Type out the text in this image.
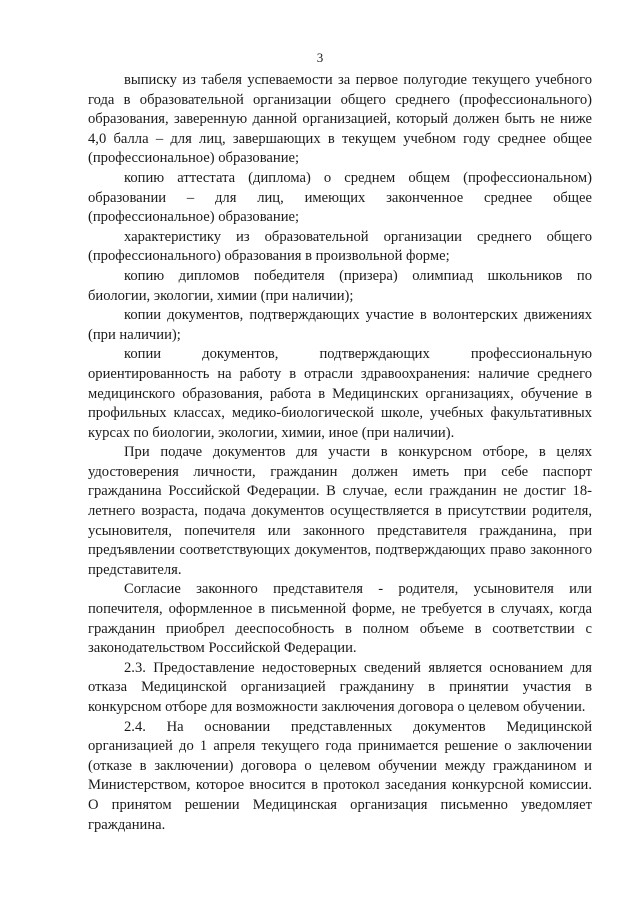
3

выписку из табеля успеваемости за первое полугодие текущего учебного года в образовательной организации общего среднего (профессионального) образования, заверенную данной организацией, который должен быть не ниже 4,0 балла – для лиц, завершающих в текущем учебном году среднее общее (профессиональное) образование;

копию аттестата (диплома) о среднем общем (профессиональном) образовании – для лиц, имеющих законченное среднее общее (профессиональное) образование;

характеристику из образовательной организации среднего общего (профессионального) образования в произвольной форме;

копию дипломов победителя (призера) олимпиад школьников по биологии, экологии, химии (при наличии);

копии документов, подтверждающих участие в волонтерских движениях (при наличии);

копии документов, подтверждающих профессиональную ориентированность на работу в отрасли здравоохранения: наличие среднего медицинского образования, работа в Медицинских организациях, обучение в профильных классах, медико-биологической школе, учебных факультативных курсах по биологии, экологии, химии, иное (при наличии).

При подаче документов для участи в конкурсном отборе, в целях удостоверения личности, гражданин должен иметь при себе паспорт гражданина Российской Федерации. В случае, если гражданин не достиг 18-летнего возраста, подача документов осуществляется в присутствии родителя, усыновителя, попечителя или законного представителя гражданина, при предъявлении соответствующих документов, подтверждающих право законного представителя.

Согласие законного представителя - родителя, усыновителя или попечителя, оформленное в письменной форме, не требуется в случаях, когда гражданин приобрел дееспособность в полном объеме в соответствии с законодательством Российской Федерации.

2.3. Предоставление недостоверных сведений является основанием для отказа Медицинской организацией гражданину в принятии участия в конкурсном отборе для возможности заключения договора о целевом обучении.

2.4. На основании представленных документов Медицинской организацией до 1 апреля текущего года принимается решение о заключении (отказе в заключении) договора о целевом обучении между гражданином и Министерством, которое вносится в протокол заседания конкурсной комиссии. О принятом решении Медицинская организация письменно уведомляет гражданина.
